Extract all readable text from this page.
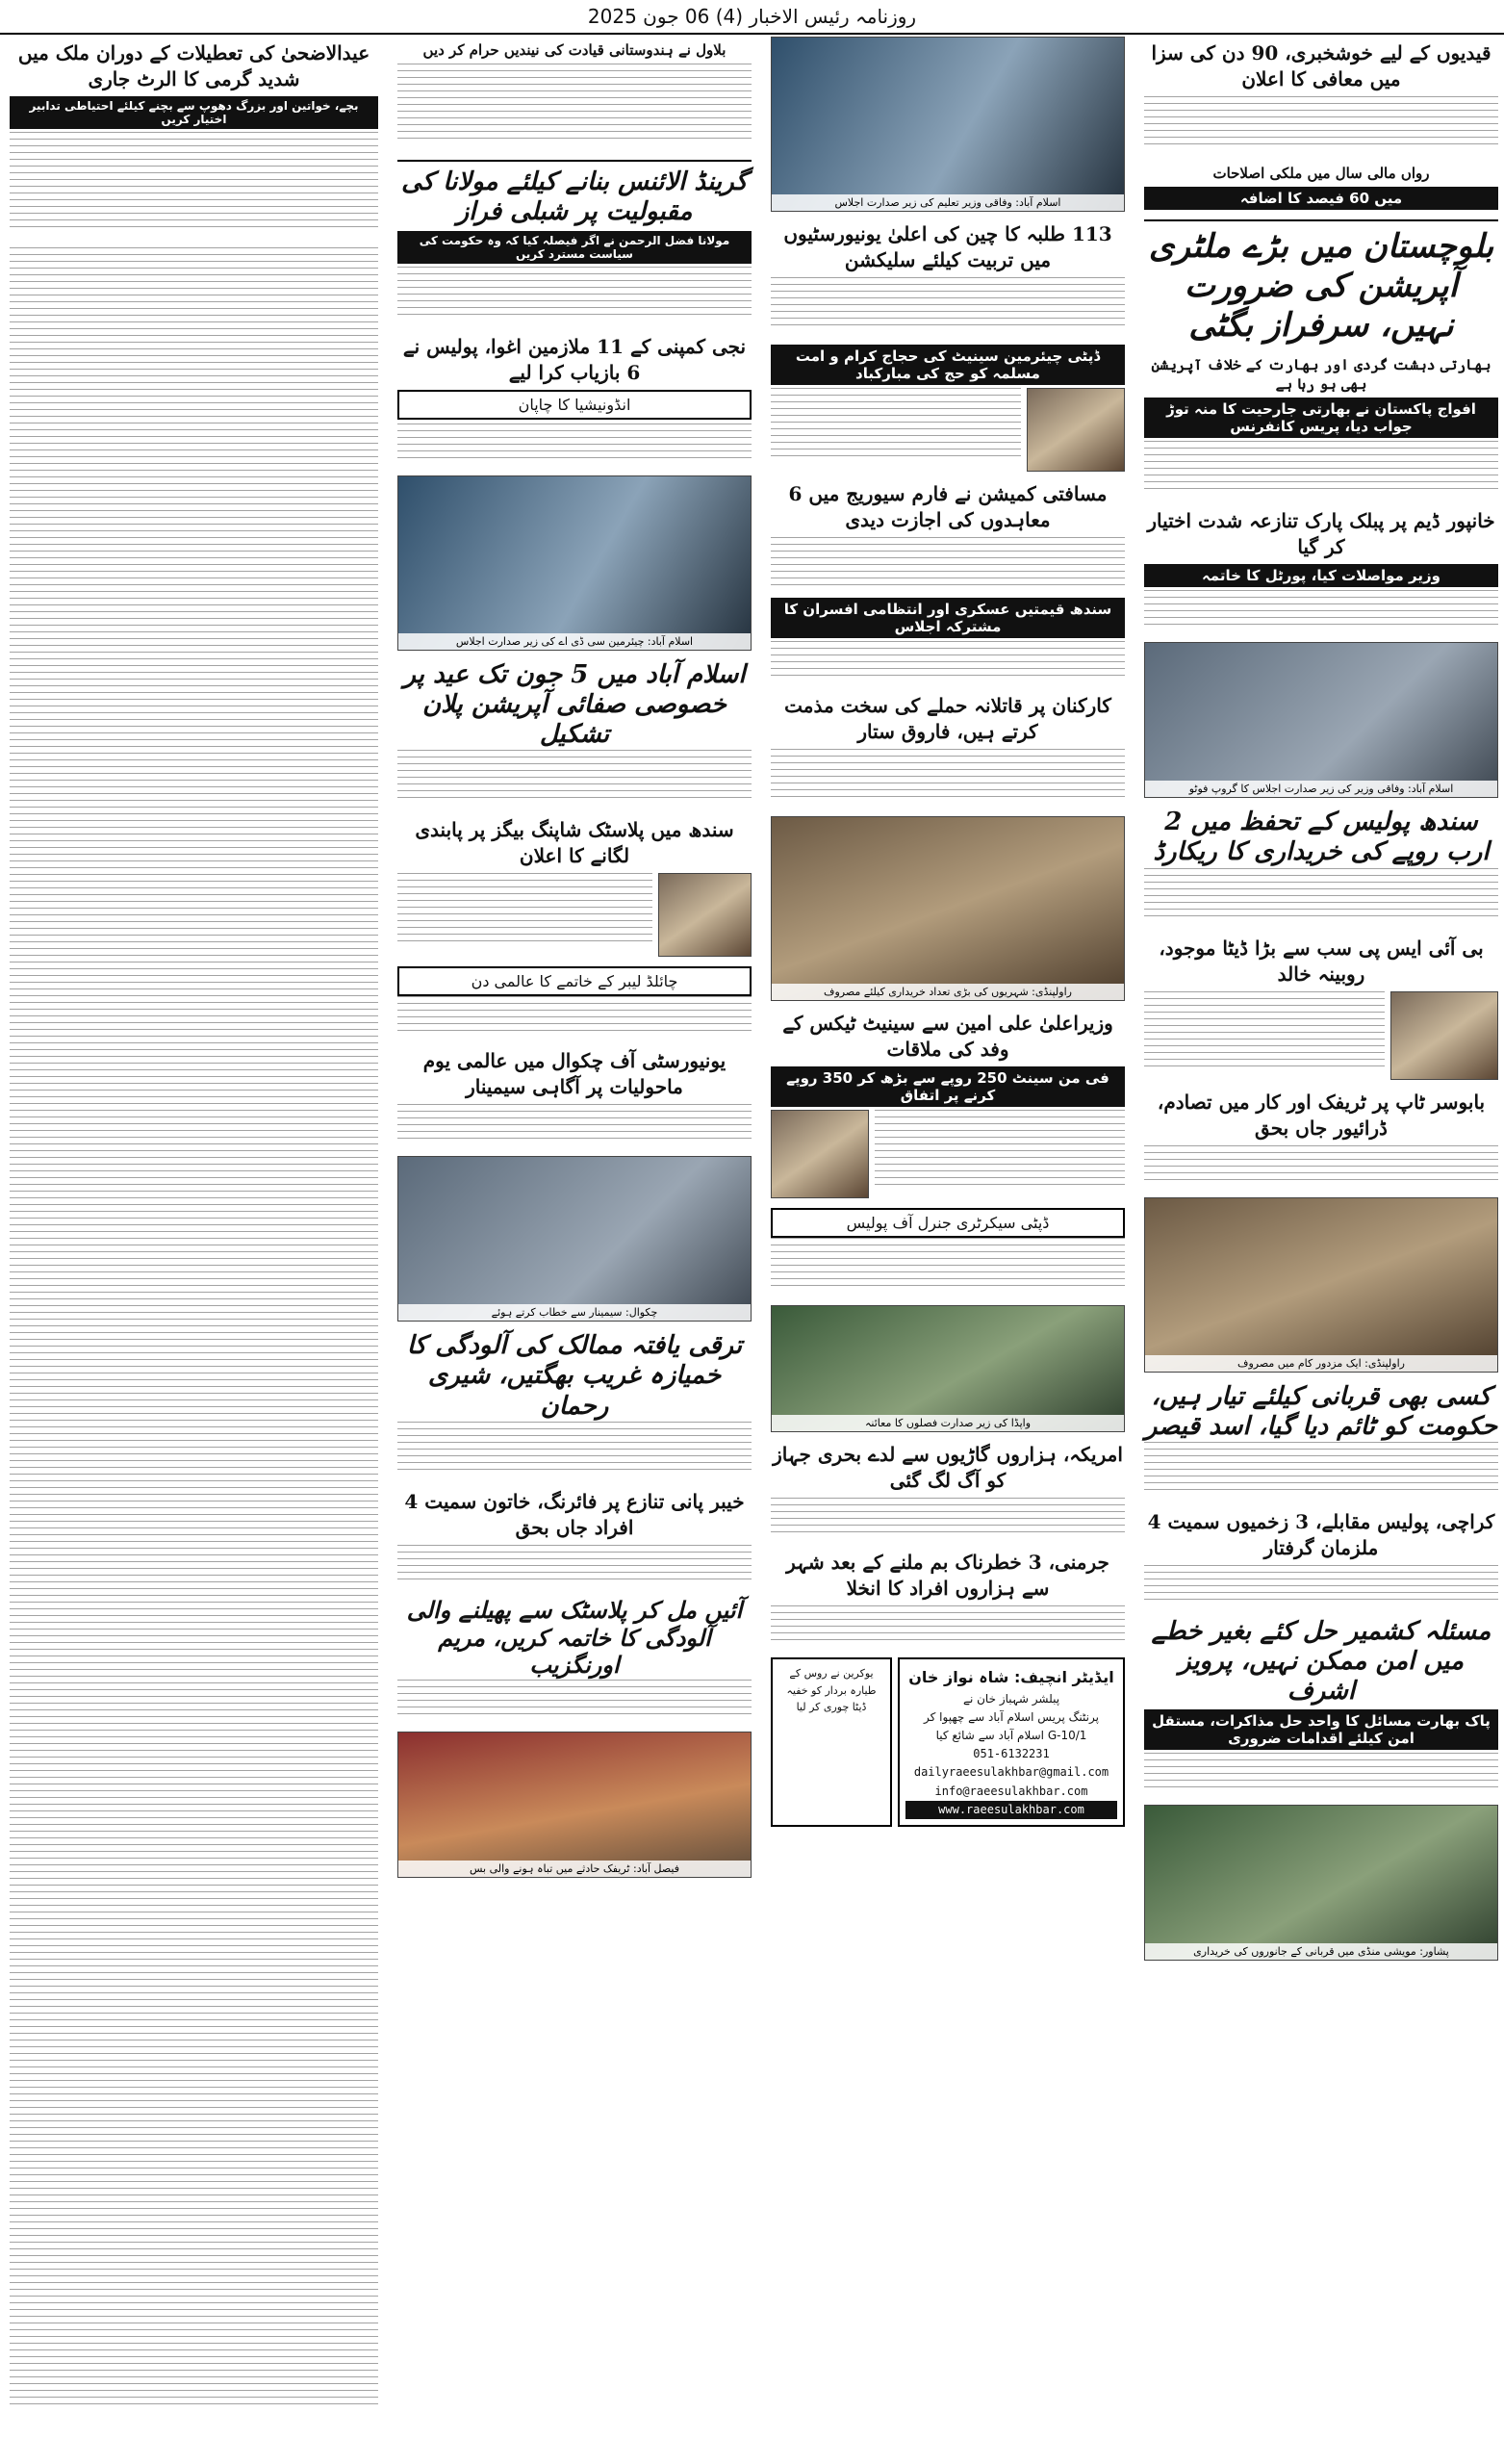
روزنامہ رئیس الاخبار (4) 06 جون 2025
قیدیوں کے لیے خوشخبری، 90 دن کی سزا میں معافی کا اعلان

رواں مالی سال میں ملکی اصلاحات
میں 60 فیصد کا اضافہ
بلوچستان میں بڑے ملٹری آپریشن کی ضرورت نہیں، سرفراز بگٹی
بھارتی دہشت گردی اور بھارت کے خلاف آپریشن بھی ہو رہا ہے
افواج پاکستان نے بھارتی جارحیت کا منہ توڑ جواب دیا، پریس کانفرنس

خانپور ڈیم پر پبلک پارک تنازعہ شدت اختیار کر گیا
وزیر مواصلات کیا، پورٹل کا خاتمہ

اسلام آباد: وفاقی وزیر کی زیر صدارت اجلاس کا گروپ فوٹو
سندھ پولیس کے تحفظ میں 2 ارب روپے کی خریداری کا ریکارڈ

بی آئی ایس پی سب سے بڑا ڈیٹا موجود، روبینہ خالد

بابوسر ٹاپ پر ٹریفک اور کار میں تصادم، ڈرائیور جاں بحق

راولپنڈی: ایک مزدور کام میں مصروف
کسی بھی قربانی کیلئے تیار ہیں، حکومت کو ٹائم دیا گیا، اسد قیصر

کراچی، پولیس مقابلے، 3 زخمیوں سمیت 4 ملزمان گرفتار

مسئلہ کشمیر حل کئے بغیر خطے میں امن ممکن نہیں، پرویز اشرف
پاک بھارت مسائل کا واحد حل مذاکرات، مستقل امن کیلئے اقدامات ضروری

پشاور: مویشی منڈی میں قربانی کے جانوروں کی خریداری
اسلام آباد: وفاقی وزیر تعلیم کی زیر صدارت اجلاس
113 طلبہ کا چین کی اعلیٰ یونیورسٹیوں میں تربیت کیلئے سلیکشن

ڈپٹی چیئرمین سینیٹ کی حجاج کرام و امت مسلمہ کو حج کی مبارکباد

مسافتی کمیشن نے فارم سیوریج میں 6 معاہدوں کی اجازت دیدی

سندھ قیمتیں عسکری اور انتظامی افسران کا مشترکہ اجلاس

کارکنان پر قاتلانہ حملے کی سخت مذمت کرتے ہیں، فاروق ستار

راولپنڈی: شہریوں کی بڑی تعداد خریداری کیلئے مصروف
وزیراعلیٰ علی امین سے سینیٹ ٹیکس کے وفد کی ملاقات
فی من سینٹ 250 روپے سے بڑھ کر 350 روپے کرنے پر اتفاق

ڈپٹی سیکرٹری جنرل آف پولیس

واپڈا کی زیر صدارت فصلوں کا معائنہ
امریکہ، ہزاروں گاڑیوں سے لدے بحری جہاز کو آگ لگ گئی

جرمنی، 3 خطرناک بم ملنے کے بعد شہر سے ہزاروں افراد کا انخلا

ایڈیٹر انچیف: شاہ نواز خان
پبلشر شہباز خان نے
پرنٹنگ پریس اسلام آباد سے چھپوا کر
G-10/1 اسلام آباد سے شائع کیا
051-6132231
dailyraeesulakhbar@gmail.com
info@raeesulakhbar.com
www.raeesulakhbar.com
یوکرین نے روس کے طیارہ بردار کو خفیہ ڈیٹا چوری کر لیا
بلاول نے ہندوستانی قیادت کی نیندیں حرام کر دیں

گرینڈ الائنس بنانے کیلئے مولانا کی مقبولیت پر شبلی فراز
مولانا فضل الرحمن نے اگر فیصلہ کیا کہ وہ حکومت کی سیاست مسترد کریں

نجی کمپنی کے 11 ملازمین اغوا، پولیس نے 6 بازیاب کرا لیے
انڈونیشیا کا چاپان

اسلام آباد: چیئرمین سی ڈی اے کی زیر صدارت اجلاس
اسلام آباد میں 5 جون تک عید پر خصوصی صفائی آپریشن پلان تشکیل

سندھ میں پلاسٹک شاپنگ بیگز پر پابندی لگانے کا اعلان

چائلڈ لیبر کے خاتمے کا عالمی دن

یونیورسٹی آف چکوال میں عالمی یوم ماحولیات پر آگاہی سیمینار

چکوال: سیمینار سے خطاب کرتے ہوئے
ترقی یافتہ ممالک کی آلودگی کا خمیازہ غریب بھگتیں، شیری رحمان

خیبر پانی تنازع پر فائرنگ، خاتون سمیت 4 افراد جاں بحق

آئیں مل کر پلاسٹک سے پھیلنے والی آلودگی کا خاتمہ کریں، مریم اورنگزیب

فیصل آباد: ٹریفک حادثے میں تباہ ہونے والی بس
عیدالاضحیٰ کی تعطیلات کے دوران ملک میں شدید گرمی کا الرٹ جاری
بچے، خواتین اور بزرگ دھوپ سے بچنے کیلئے احتیاطی تدابیر اختیار کریں
